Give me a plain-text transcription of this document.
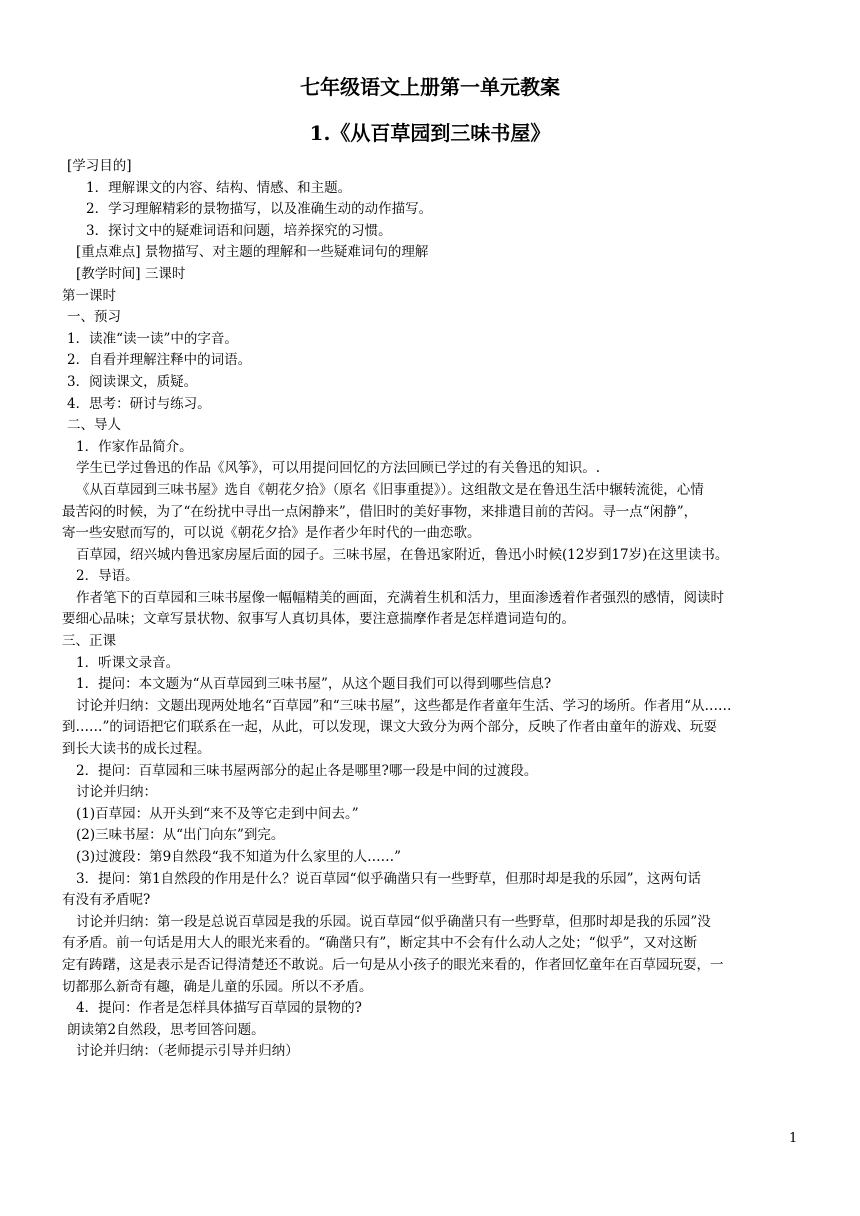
七年级语文上册第一单元教案
1.《从百草园到三味书屋》
[学习目的]
1．理解课文的内容、结构、情感、和主题。
2．学习理解精彩的景物描写，以及准确生动的动作描写。
3．探讨文中的疑难词语和问题，培养探究的习惯。
[重点难点] 景物描写、对主题的理解和一些疑难词句的理解
[教学时间] 三课时
第一课时
一、预习
1．读准“读一读”中的字音。
2．自看并理解注释中的词语。
3．阅读课文，质疑。
4．思考：研讨与练习。
二、导人
1．作家作品简介。
学生已学过鲁迅的作品《风筝》，可以用提问回忆的方法回顾已学过的有关鲁迅的知识。.
《从百草园到三味书屋》选自《朝花夕拾》（原名《旧事重提》）。这组散文是在鲁迅生活中辗转流徙，心情
最苦闷的时候，为了“在纷扰中寻出一点闲静来”，借旧时的美好事物，来排遣目前的苦闷。寻一点“闲静”，
寄一些安慰而写的，可以说《朝花夕拾》是作者少年时代的一曲恋歌。
百草园，绍兴城内鲁迅家房屋后面的园子。三味书屋，在鲁迅家附近，鲁迅小时候(12岁到17岁)在这里读书。
2．导语。
作者笔下的百草园和三味书屋像一幅幅精美的画面，充满着生机和活力，里面渗透着作者强烈的感情，阅读时
要细心品味；文章写景状物、叙事写人真切具体，要注意揣摩作者是怎样遣词造句的。
三、正课
1．听课文录音。
1．提问：本文题为“从百草园到三味书屋”，从这个题目我们可以得到哪些信息?
讨论并归纳：文题出现两处地名“百草园”和“三味书屋”，这些都是作者童年生活、学习的场所。作者用“从……
到……”的词语把它们联系在一起，从此，可以发现，课文大致分为两个部分，反映了作者由童年的游戏、玩耍
到长大读书的成长过程。
2．提问：百草园和三味书屋两部分的起止各是哪里?哪一段是中间的过渡段。
讨论并归纳：
(1)百草园：从开头到“来不及等它走到中间去。”
(2)三味书屋：从“出门向东”到完。
(3)过渡段：第9自然段“我不知道为什么家里的人……”
3．提问：第1自然段的作用是什么？说百草园“似乎确凿只有一些野草，但那时却是我的乐园”，这两句话
有没有矛盾呢?
讨论并归纳：第一段是总说百草园是我的乐园。说百草园“似乎确凿只有一些野草，但那时却是我的乐园”没
有矛盾。前一句话是用大人的眼光来看的。“确凿只有”，断定其中不会有什么动人之处；“似乎”，又对这断
定有踌躇，这是表示是否记得清楚还不敢说。后一句是从小孩子的眼光来看的，作者回忆童年在百草园玩耍，一
切都那么新奇有趣，确是儿童的乐园。所以不矛盾。
4．提问：作者是怎样具体描写百草园的景物的?
朗读第2自然段，思考回答问题。
讨论并归纳：（老师提示引导并归纳）
1
